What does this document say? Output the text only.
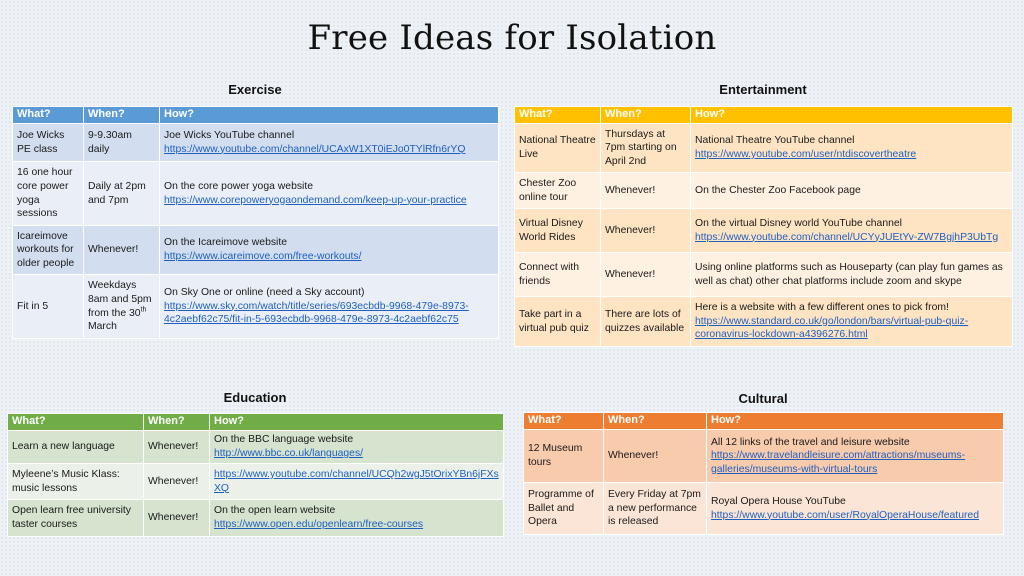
Free Ideas for Isolation
Exercise
What?	When?	How?
Joe Wicks PE class	9-9.30am daily	Joe Wicks YouTube channel
https://www.youtube.com/channel/UCAxW1XT0iEJo0TYlRfn6rYQ
16 one hour core power yoga sessions	Daily at 2pm and 7pm	On the core power yoga website
https://www.corepoweryogaondemand.com/keep-up-your-practice
Icareimove workouts for older people	Whenever!	On the Icareimove website
https://www.icareimove.com/free-workouts/
Fit in 5	Weekdays 8am and 5pm from the 30th March	On Sky One or online (need a Sky account)
https://www.sky.com/watch/title/series/693ecbdb-9968-479e-8973-4c2aebf62c75/fit-in-5-693ecbdb-9968-479e-8973-4c2aebf62c75
Entertainment
What?	When?	How?
National Theatre Live	Thursdays at 7pm starting on April 2nd	National Theatre YouTube channel
https://www.youtube.com/user/ntdiscovertheatre
Chester Zoo online tour	Whenever!	On the Chester Zoo Facebook page

Virtual Disney World Rides	Whenever!	On the virtual Disney world YouTube channel
https://www.youtube.com/channel/UCYyJUEtYv-ZW7BgjhP3UbTg
Connect with friends	Whenever!	Using online platforms such as Houseparty (can play fun games as well as chat) other chat platforms include zoom and skype

Take part in a virtual pub quiz	There are lots of quizzes available	Here is a website with a few different ones to pick from!
https://www.standard.co.uk/go/london/bars/virtual-pub-quiz-coronavirus-lockdown-a4396276.html
Education
What?	When?	How?
Learn a new language	Whenever!	On the BBC language website
http://www.bbc.co.uk/languages/
Myleene’s Music Klass: music lessons	Whenever!	https://www.youtube.com/channel/UCQh2wgJ5tOrixYBn6jFXsXQ
Open learn free university taster courses	Whenever!	On the open learn website
https://www.open.edu/openlearn/free-courses
Cultural
What?	When?	How?
12 Museum tours	Whenever!	All 12 links of the travel and leisure website
https://www.travelandleisure.com/attractions/museums-galleries/museums-with-virtual-tours
Programme of Ballet and Opera	Every Friday at 7pm a new performance is released	Royal Opera House YouTube
https://www.youtube.com/user/RoyalOperaHouse/featured
